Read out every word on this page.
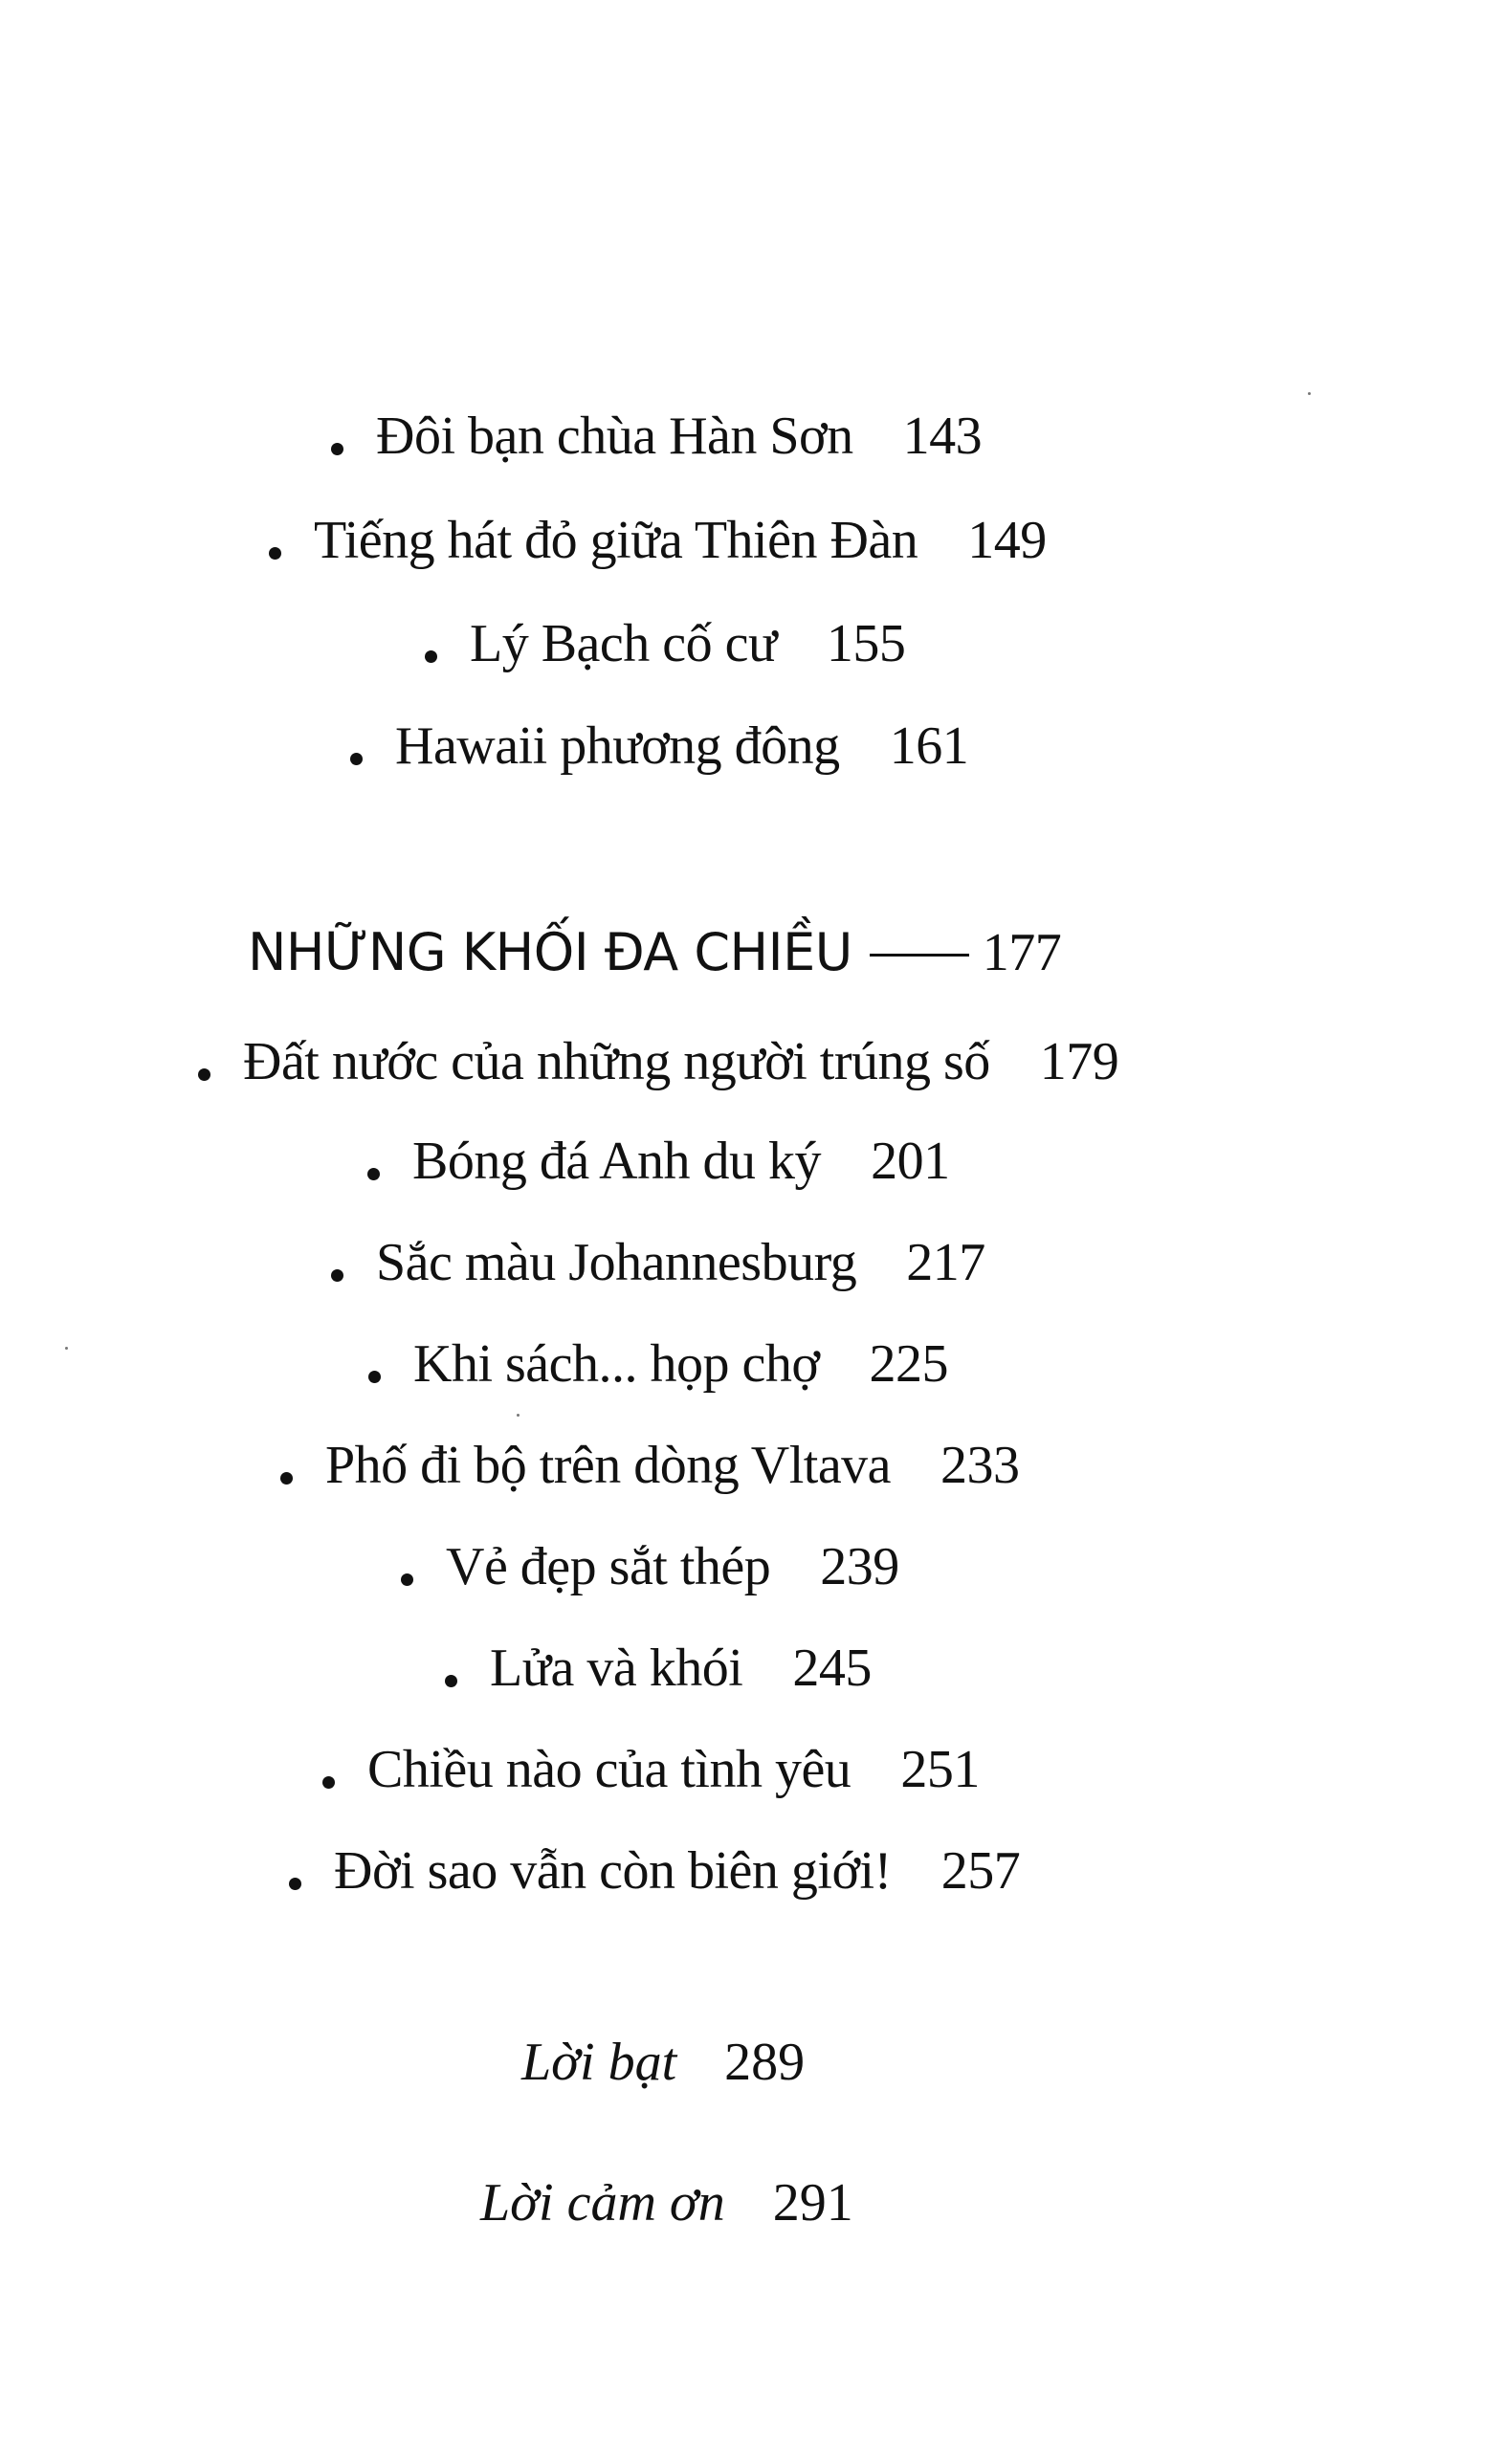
Đôi bạn chùa Hàn Sơn 143
Tiếng hát đỏ giữa Thiên Đàn 149
Lý Bạch cố cư 155
Hawaii phương đông 161
NHỮNG KHỐI ĐA CHIỀU 177
Đất nước của những người trúng số 179
Bóng đá Anh du ký 201
Sắc màu Johannesburg 217
Khi sách... họp chợ 225
Phố đi bộ trên dòng Vltava 233
Vẻ đẹp sắt thép 239
Lửa và khói 245
Chiều nào của tình yêu 251
Đời sao vẫn còn biên giới! 257
Lời bạt 289
Lời cảm ơn 291
